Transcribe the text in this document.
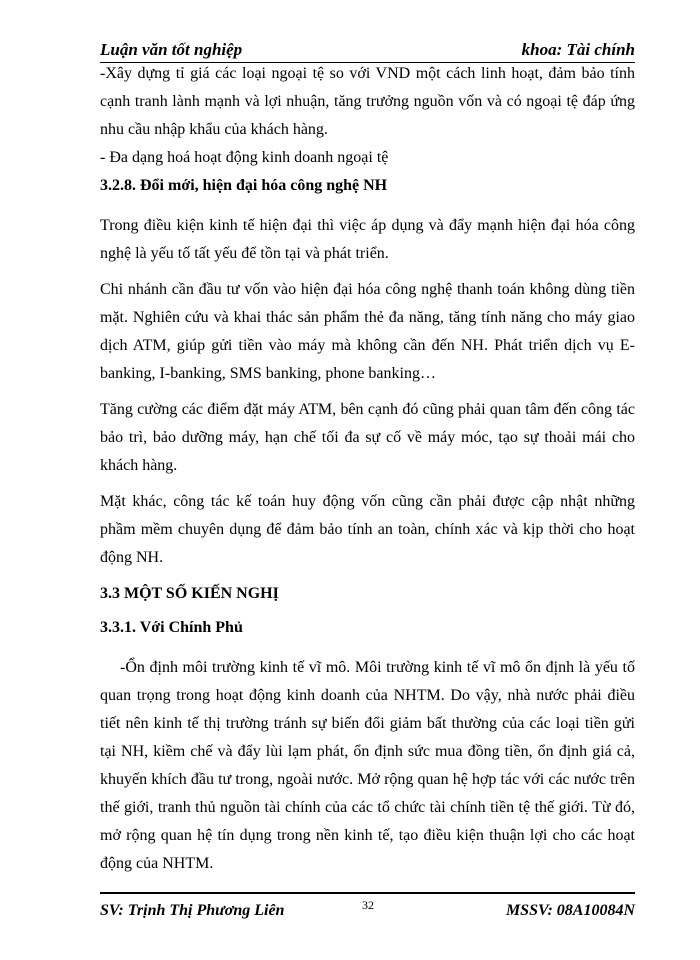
Luận văn tốt nghiệp	khoa: Tài chính

-Xây dựng tỉ giá các loại ngoại tệ so với VND một cách linh hoạt, đảm bảo tính cạnh tranh lành mạnh và lợi nhuận, tăng trưởng nguồn vốn và có ngoại tệ đáp ứng nhu cầu nhập khẩu của khách hàng.

- Đa dạng hoá hoạt động kinh doanh ngoại tệ

3.2.8. Đổi mới, hiện đại hóa công nghệ NH

Trong điều kiện kinh tế hiện đại thì việc áp dụng và đẩy mạnh hiện đại hóa công nghệ là yếu tố tất yếu để tồn tại và phát triển.

Chi nhánh cần đầu tư vốn vào hiện đại hóa công nghệ thanh toán không dùng tiền mặt. Nghiên cứu và khai thác sản phẩm thẻ đa năng, tăng tính năng cho máy giao dịch ATM, giúp gửi tiền vào máy mà không cần đến NH. Phát triển dịch vụ E-banking, I-banking, SMS banking, phone banking…

Tăng cường các điểm đặt máy ATM, bên cạnh đó cũng phải quan tâm đến công tác bảo trì, bảo dưỡng máy, hạn chế tối đa sự cố về máy móc, tạo sự thoải mái cho khách hàng.

Mặt khác, công tác kế toán huy động vốn cũng cần phải được cập nhật những phầm mềm chuyên dụng để đảm bảo tính an toàn, chính xác và kịp thời cho hoạt động NH.

3.3 MỘT SỐ KIẾN NGHỊ

3.3.1. Với Chính Phủ

-Ổn định môi trường kinh tế vĩ mô. Môi trường kinh tế vĩ mô ổn định là yếu tố quan trọng trong hoạt động kinh doanh của NHTM. Do vậy, nhà nước phải điều tiết nên kinh tế thị trường tránh sự biến đổi giảm bất thường của các loại tiền gửi tại NH, kiềm chế và đẩy lùi lạm phát, ổn định sức mua đồng tiền, ổn định giá cả, khuyến khích đầu tư trong, ngoài nước. Mở rộng quan hệ hợp tác với các nước trên thế giới, tranh thủ nguồn tài chính của các tổ chức tài chính tiền tệ thế giới. Từ đó, mở rộng quan hệ tín dụng trong nền kinh tế, tạo điều kiện thuận lợi cho các hoạt động của NHTM.

SV: Trịnh Thị Phương Liên	32	MSSV: 08A10084N
